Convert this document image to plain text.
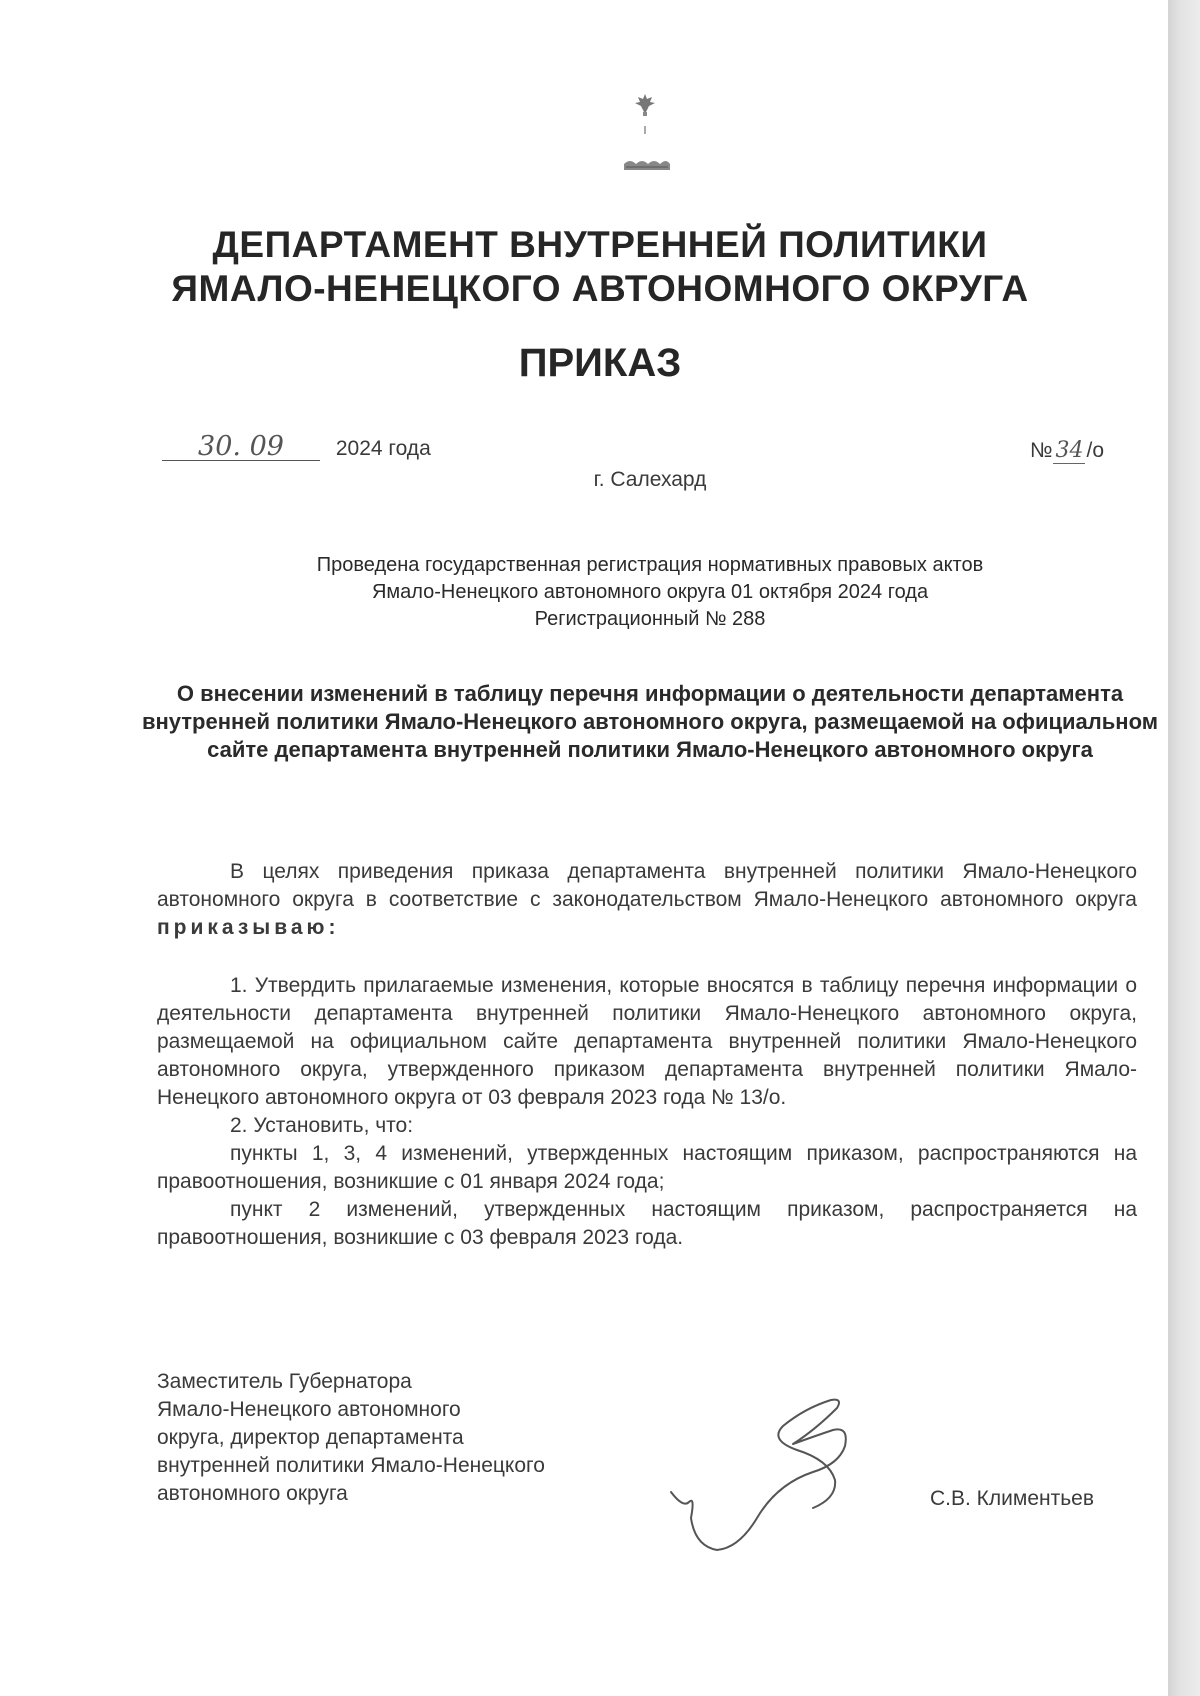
ДЕПАРТАМЕНТ ВНУТРЕННЕЙ ПОЛИТИКИ
ЯМАЛО-НЕНЕЦКОГО АВТОНОМНОГО ОКРУГА
ПРИКАЗ
30. 09 2024 года	№ 34 /о
г. Салехард
Проведена государственная регистрация нормативных правовых актов
Ямало-Ненецкого автономного округа 01 октября 2024 года
Регистрационный № 288
О внесении изменений в таблицу перечня информации о деятельности департамента внутренней политики Ямало-Ненецкого автономного округа, размещаемой на официальном сайте департамента внутренней политики Ямало-Ненецкого автономного округа

В целях приведения приказа департамента внутренней политики Ямало-Ненецкого автономного округа в соответствие с законодательством Ямало-Ненецкого автономного округа приказываю:

1. Утвердить прилагаемые изменения, которые вносятся в таблицу перечня информации о деятельности департамента внутренней политики Ямало-Ненецкого автономного округа, размещаемой на официальном сайте департамента внутренней политики Ямало-Ненецкого автономного округа, утвержденного приказом департамента внутренней политики Ямало-Ненецкого автономного округа от 03 февраля 2023 года № 13/о.

2. Установить, что:

пункты 1, 3, 4 изменений, утвержденных настоящим приказом, распространяются на правоотношения, возникшие с 01 января 2024 года;

пункт 2 изменений, утвержденных настоящим приказом, распространяется на правоотношения, возникшие с 03 февраля 2023 года.

Заместитель Губернатора
Ямало-Ненецкого автономного
округа, директор департамента
внутренней политики Ямало-Ненецкого
автономного округа	С.В. Климентьев
